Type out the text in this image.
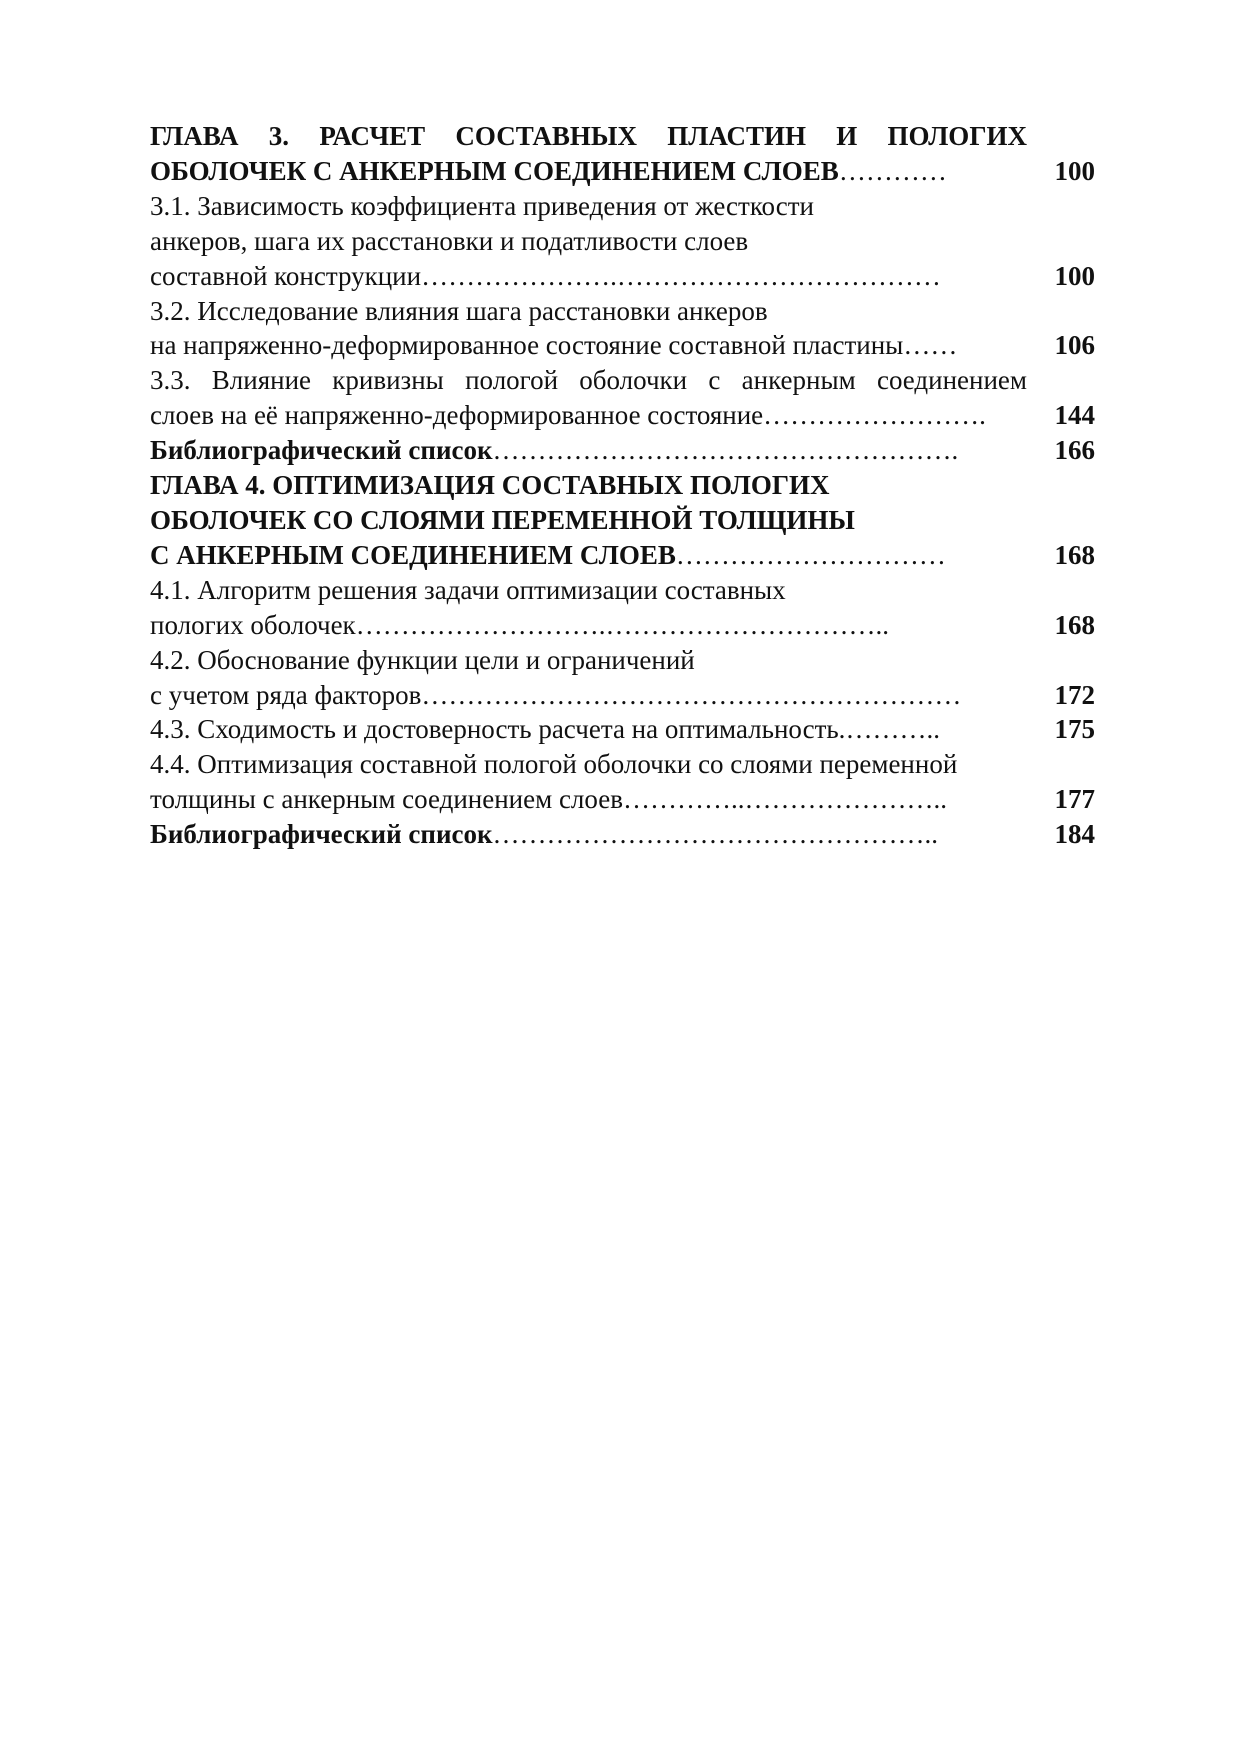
ГЛАВА 3. РАСЧЕТ СОСТАВНЫХ ПЛАСТИН И ПОЛОГИХ
ОБОЛОЧЕК С АНКЕРНЫМ СОЕДИНЕНИЕМ СЛОЕВ…………	100
3.1. Зависимость коэффициента приведения от жесткости
анкеров, шага их расстановки и податливости слоев
составной конструкции………………….………………………………	100
3.2. Исследование влияния шага расстановки анкеров
на напряженно-деформированное состояние составной пластины……	106
3.3. Влияние кривизны пологой оболочки с анкерным соединением
слоев на её напряженно-деформированное состояние…………………….	144
Библиографический список…………………………………………….	166
ГЛАВА 4. ОПТИМИЗАЦИЯ СОСТАВНЫХ ПОЛОГИХ
ОБОЛОЧЕК СО СЛОЯМИ ПЕРЕМЕННОЙ ТОЛЩИНЫ
С АНКЕРНЫМ СОЕДИНЕНИЕМ СЛОЕВ…………………………	168
4.1. Алгоритм решения задачи оптимизации составных
пологих оболочек……………………….…………………………..	168
4.2. Обоснование функции цели и ограничений
с учетом ряда факторов……………………………………………………	172
4.3. Сходимость и достоверность расчета на оптимальность.………..	175
4.4. Оптимизация составной пологой оболочки со слоями переменной
толщины с анкерным соединением слоев…………..…………………..	177
Библиографический список…………………………………………..	184
